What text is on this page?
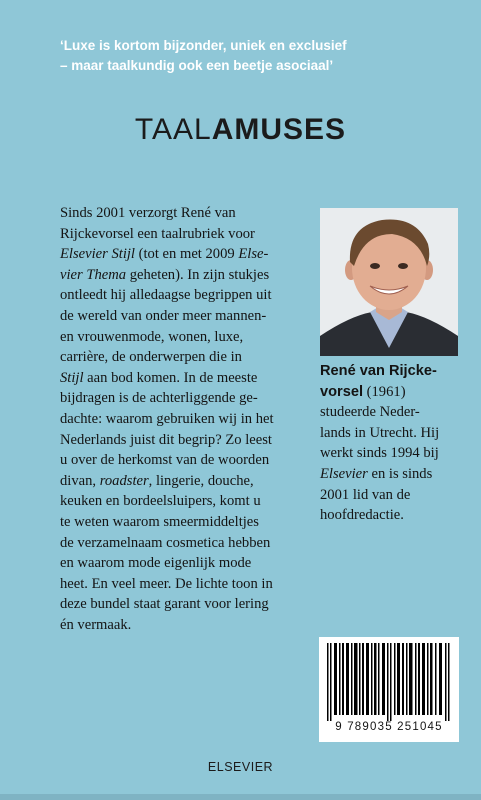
‘Luxe is kortom bijzonder, uniek en exclusief
– maar taalkundig ook een beetje asociaal’
TAALAMUSES
Sinds 2001 verzorgt René van
Rijckevorsel een taalrubriek voor
Elsevier Stijl (tot en met 2009 Else-
vier Thema geheten). In zijn stukjes
ontleedt hij alledaagse begrippen uit
de wereld van onder meer mannen-
en vrouwenmode, wonen, luxe,
carrière, de onderwerpen die in
Stijl aan bod komen. In de meeste
bijdragen is de achterliggende ge-
dachte: waarom gebruiken wij in het
Nederlands juist dit begrip? Zo leest
u over de herkomst van de woorden
divan, roadster, lingerie, douche,
keuken en bordeelsluipers, komt u
te weten waarom smeermiddeltjes
de verzamelnaam cosmetica hebben
en waarom mode eigenlijk mode
heet. En veel meer. De lichte toon in
deze bundel staat garant voor lering
én vermaak.
René van Rijcke-
vorsel (1961)
studeerde Neder-
lands in Utrecht. Hij
werkt sinds 1994 bij
Elsevier en is sinds
2001 lid van de
hoofdredactie.
9 789035 251045
ELSEVIER
